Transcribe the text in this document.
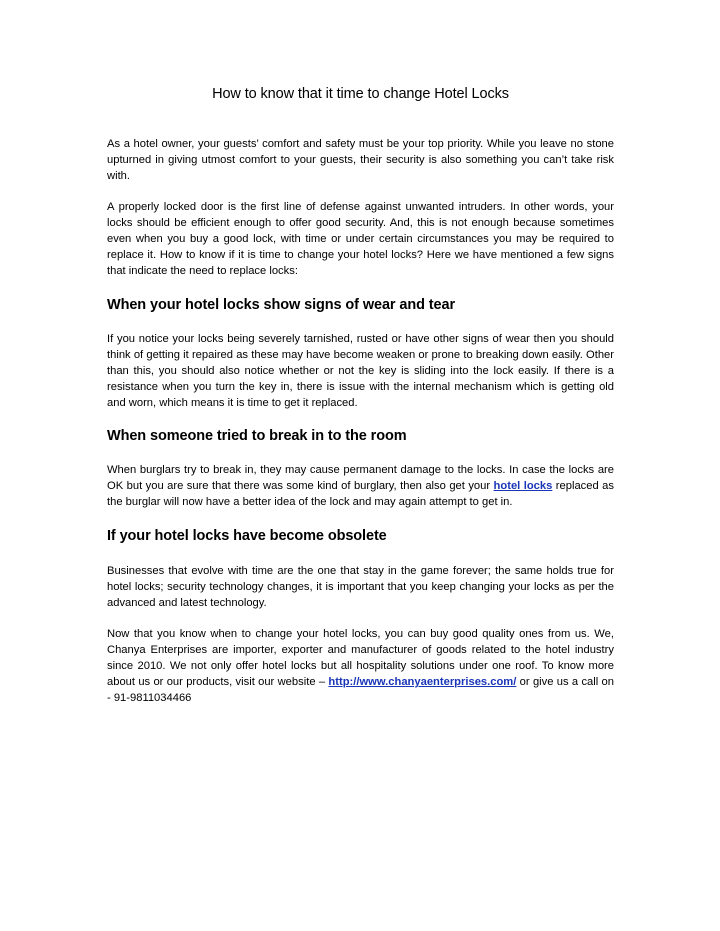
How to know that it time to change Hotel Locks

As a hotel owner, your guests’ comfort and safety must be your top priority. While you leave no stone upturned in giving utmost comfort to your guests, their security is also something you can’t take risk with.

A properly locked door is the first line of defense against unwanted intruders. In other words, your locks should be efficient enough to offer good security. And, this is not enough because sometimes even when you buy a good lock, with time or under certain circumstances you may be required to replace it. How to know if it is time to change your hotel locks? Here we have mentioned a few signs that indicate the need to replace locks:

When your hotel locks show signs of wear and tear

If you notice your locks being severely tarnished, rusted or have other signs of wear then you should think of getting it repaired as these may have become weaken or prone to breaking down easily. Other than this, you should also notice whether or not the key is sliding into the lock easily. If there is a resistance when you turn the key in, there is issue with the internal mechanism which is getting old and worn, which means it is time to get it replaced.

When someone tried to break in to the room

When burglars try to break in, they may cause permanent damage to the locks. In case the locks are OK but you are sure that there was some kind of burglary, then also get your hotel locks replaced as the burglar will now have a better idea of the lock and may again attempt to get in.

If your hotel locks have become obsolete

Businesses that evolve with time are the one that stay in the game forever; the same holds true for hotel locks; security technology changes, it is important that you keep changing your locks as per the advanced and latest technology.

Now that you know when to change your hotel locks, you can buy good quality ones from us. We, Chanya Enterprises are importer, exporter and manufacturer of goods related to the hotel industry since 2010. We not only offer hotel locks but all hospitality solutions under one roof. To know more about us or our products, visit our website – http://www.chanyaenterprises.com/ or give us a call on - 91-9811034466
